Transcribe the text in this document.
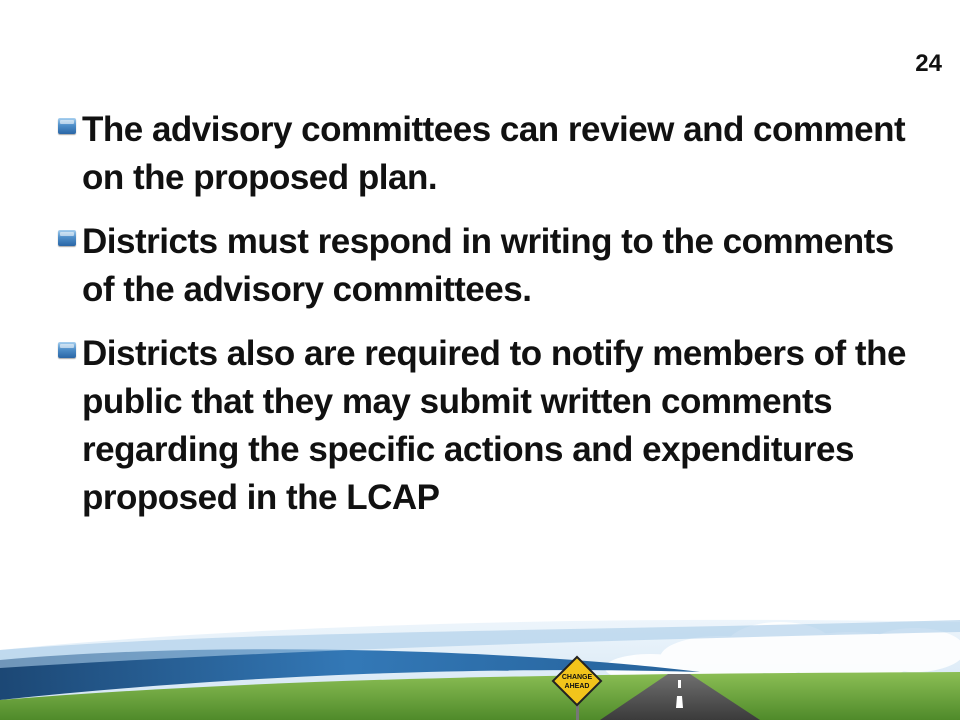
24
The advisory committees can review and comment on the proposed plan.
Districts must respond in writing to the comments of the advisory committees.
Districts also are required to notify members of the public that they may submit written comments regarding the specific actions and expenditures proposed in the LCAP
CHANGE
AHEAD
